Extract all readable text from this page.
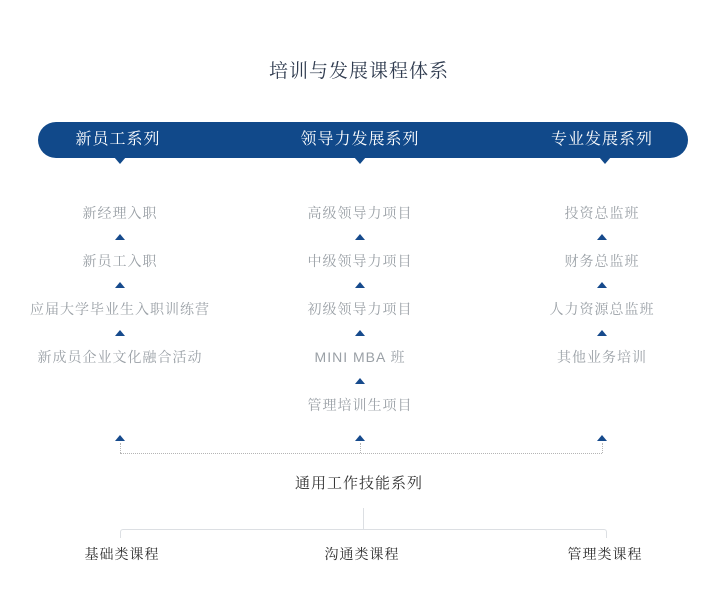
培训与发展课程体系
新员工系列	领导力发展系列	专业发展系列
新经理入职
新员工入职
应届大学毕业生入职训练营
新成员企业文化融合活动
高级领导力项目
中级领导力项目
初级领导力项目
MINI MBA 班
管理培训生项目
投资总监班
财务总监班
人力资源总监班
其他业务培训
通用工作技能系列
基础类课程	沟通类课程	管理类课程
